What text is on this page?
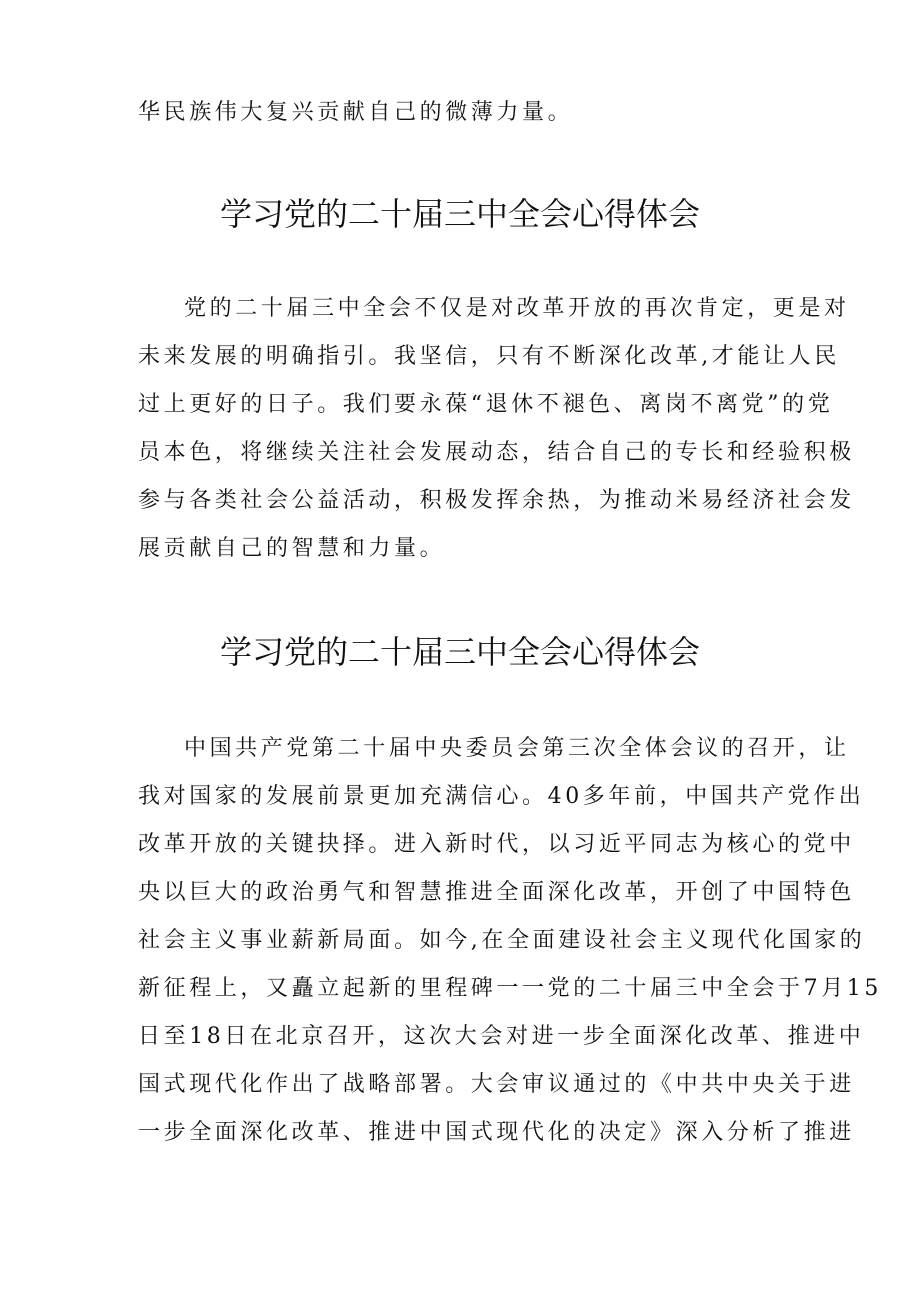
华民族伟大复兴贡献自己的微薄力量。
学习党的二十届三中全会心得体会
党的二十届三中全会不仅是对改革开放的再次肯定，更是对
未来发展的明确指引。我坚信，只有不断深化改革,才能让人民
过上更好的日子。我们要永葆“退休不褪色、离岗不离党”的党
员本色，将继续关注社会发展动态，结合自己的专长和经验积极
参与各类社会公益活动，积极发挥余热，为推动米易经济社会发
展贡献自己的智慧和力量。
学习党的二十届三中全会心得体会
中国共产党第二十届中央委员会第三次全体会议的召开，让
我对国家的发展前景更加充满信心。40多年前，中国共产党作出
改革开放的关键抉择。进入新时代，以习近平同志为核心的党中
央以巨大的政治勇气和智慧推进全面深化改革，开创了中国特色
社会主义事业薪新局面。如今,在全面建设社会主义现代化国家的
新征程上，又矗立起新的里程碑一一党的二十届三中全会于7月15
日至18日在北京召开，这次大会对进一步全面深化改革、推进中
国式现代化作出了战略部署。大会审议通过的《中共中央关于进
一步全面深化改革、推进中国式现代化的决定》深入分析了推进
